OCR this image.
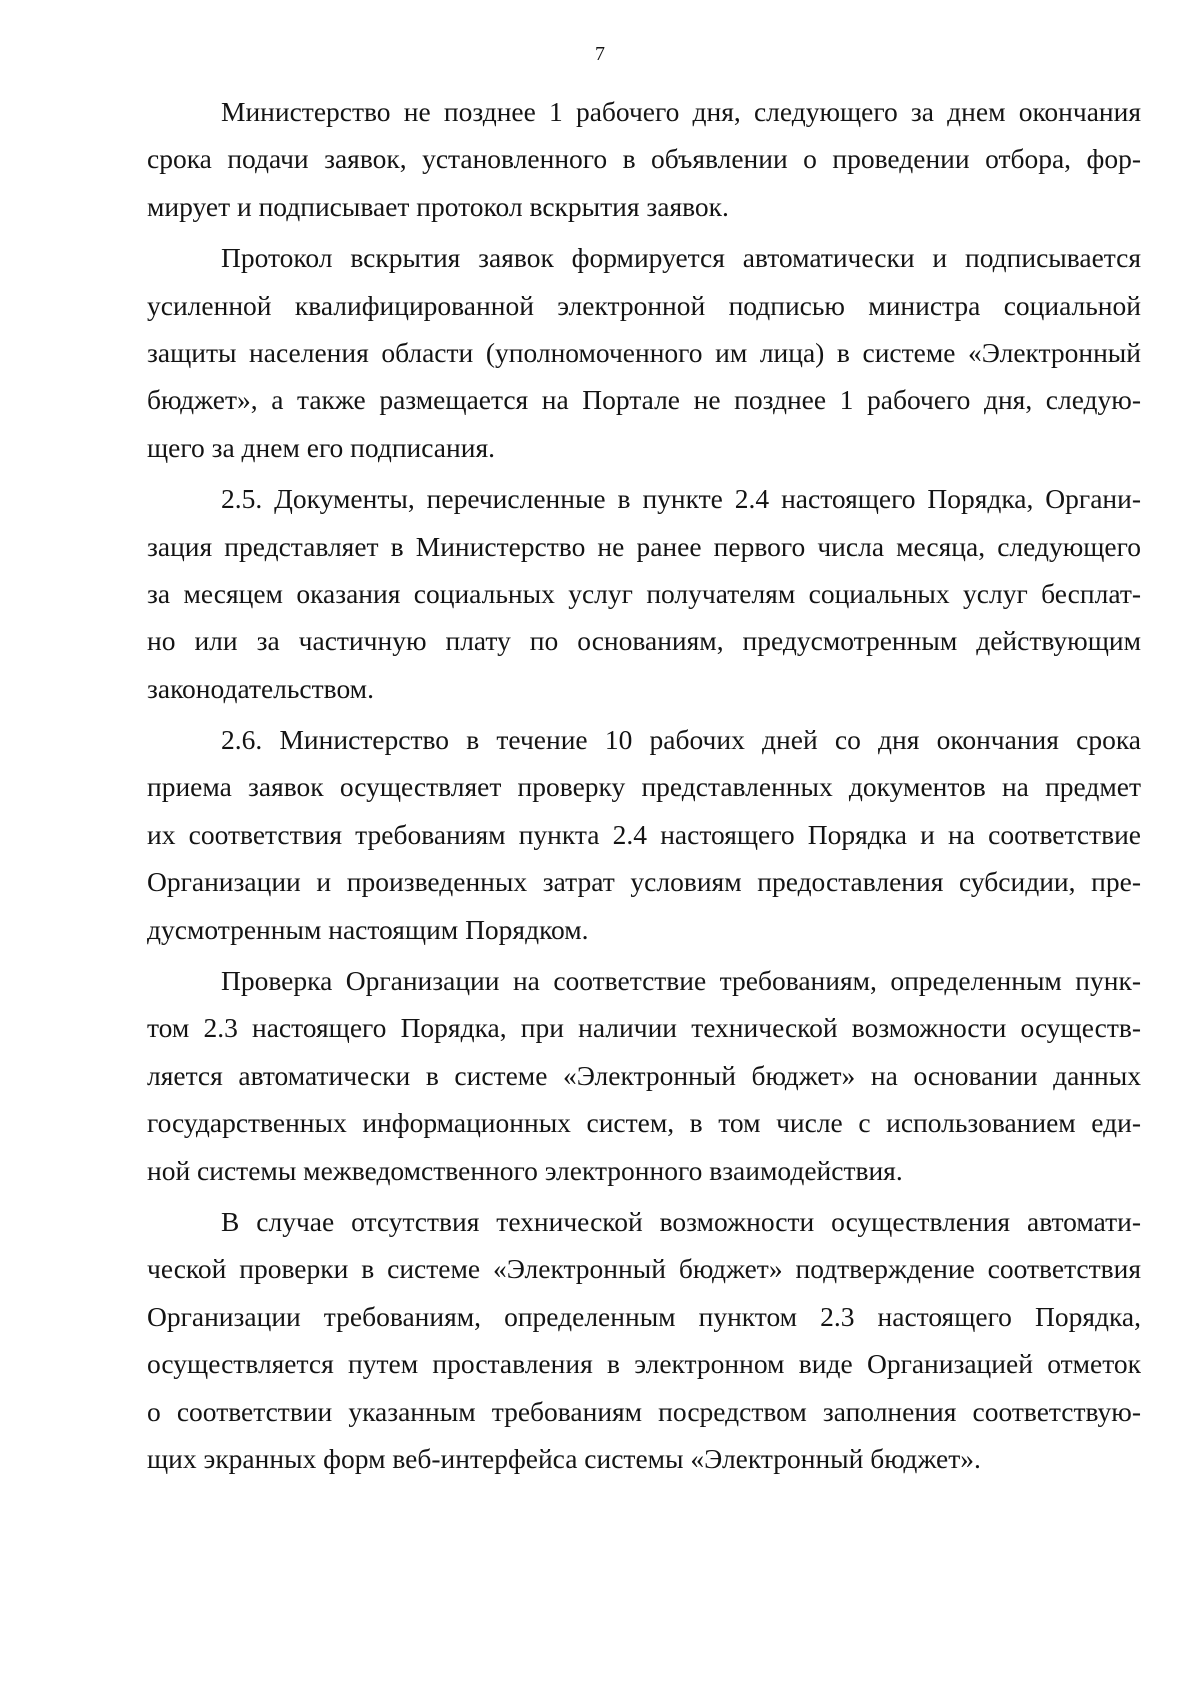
7
Министерство не позднее 1 рабочего дня, следующего за днем окончания
срока подачи заявок, установленного в объявлении о проведении отбора, фор-
мирует и подписывает протокол вскрытия заявок.
Протокол вскрытия заявок формируется автоматически и подписывается
усиленной квалифицированной электронной подписью министра социальной
защиты населения области (уполномоченного им лица) в системе «Электронный
бюджет», а также размещается на Портале не позднее 1 рабочего дня, следую-
щего за днем его подписания.
2.5. Документы, перечисленные в пункте 2.4 настоящего Порядка, Органи-
зация представляет в Министерство не ранее первого числа месяца, следующего
за месяцем оказания социальных услуг получателям социальных услуг бесплат-
но или за частичную плату по основаниям, предусмотренным действующим
законодательством.
2.6. Министерство в течение 10 рабочих дней со дня окончания срока
приема заявок осуществляет проверку представленных документов на предмет
их соответствия требованиям пункта 2.4 настоящего Порядка и на соответствие
Организации и произведенных затрат условиям предоставления субсидии, пре-
дусмотренным настоящим Порядком.
Проверка Организации на соответствие требованиям, определенным пунк-
том 2.3 настоящего Порядка, при наличии технической возможности осуществ-
ляется автоматически в системе «Электронный бюджет» на основании данных
государственных информационных систем, в том числе с использованием еди-
ной системы межведомственного электронного взаимодействия.
В случае отсутствия технической возможности осуществления автомати-
ческой проверки в системе «Электронный бюджет» подтверждение соответствия
Организации требованиям, определенным пунктом 2.3 настоящего Порядка,
осуществляется путем проставления в электронном виде Организацией отметок
о соответствии указанным требованиям посредством заполнения соответствую-
щих экранных форм веб-интерфейса системы «Электронный бюджет».
